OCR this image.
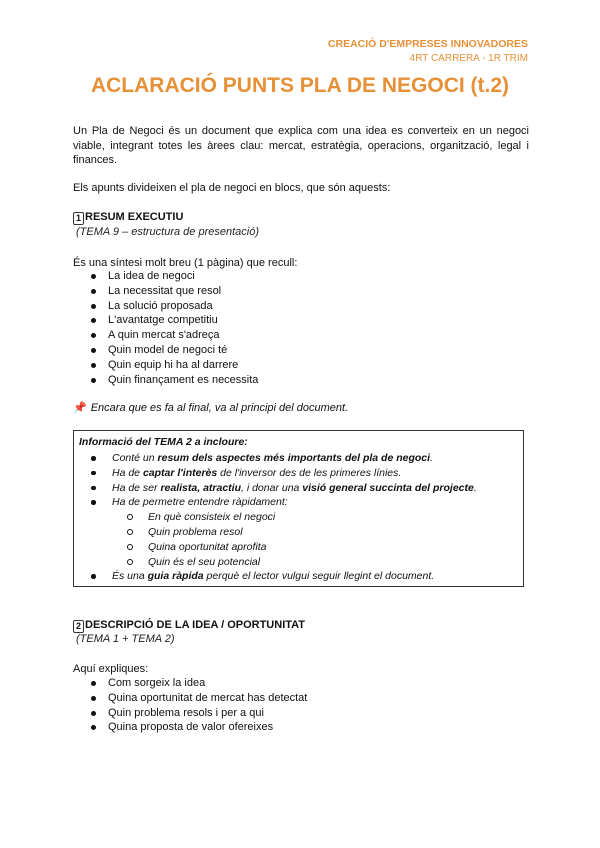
CREACIÓ D'EMPRESES INNOVADORES
4RT CARRERA - 1R TRIM
ACLARACIÓ PUNTS PLA DE NEGOCI (t.2)
Un Pla de Negoci és un document que explica com una idea es converteix en un negoci viable, integrant totes les àrees clau: mercat, estratègia, operacions, organització, legal i finances.
Els apunts divideixen el pla de negoci en blocs, que són aquests:
1 RESUM EXECUTIU
(TEMA 9 – estructura de presentació)
És una síntesi molt breu (1 pàgina) que recull:
La idea de negoci
La necessitat que resol
La solució proposada
L'avantatge competitiu
A quin mercat s'adreça
Quin model de negoci té
Quin equip hi ha al darrere
Quin finançament es necessita
📌 Encara que es fa al final, va al principi del document.
Informació del TEMA 2 a incloure:
Conté un resum dels aspectes més importants del pla de negoci.
Ha de captar l'interès de l'inversor des de les primeres línies.
Ha de ser realista, atractiu, i donar una visió general succinta del projecte.
Ha de permetre entendre ràpidament:
En què consisteix el negoci
Quin problema resol
Quina oportunitat aprofita
Quin és el seu potencial
És una guia ràpida perquè el lector vulgui seguir llegint el document.
2 DESCRIPCIÓ DE LA IDEA / OPORTUNITAT
(TEMA 1 + TEMA 2)
Aquí expliques:
Com sorgeix la idea
Quina oportunitat de mercat has detectat
Quin problema resols i per a qui
Quina proposta de valor ofereixes
